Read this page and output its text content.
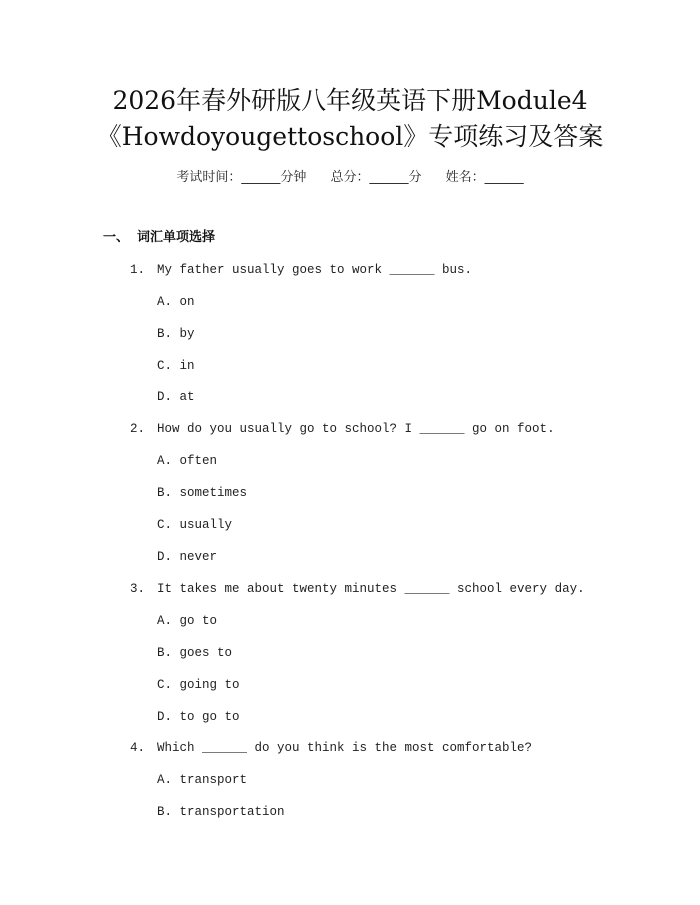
2026年春外研版八年级英语下册Module4
《Howdoyougettoschool》专项练习及答案
考试时间：______分钟 总分：______分 姓名：______
一、 词汇单项选择
1. My father usually goes to work ______ bus.
A. on
B. by
C. in
D. at
2. How do you usually go to school? I ______ go on foot.
A. often
B. sometimes
C. usually
D. never
3. It takes me about twenty minutes ______ school every day.
A. go to
B. goes to
C. going to
D. to go to
4. Which ______ do you think is the most comfortable?
A. transport
B. transportation
